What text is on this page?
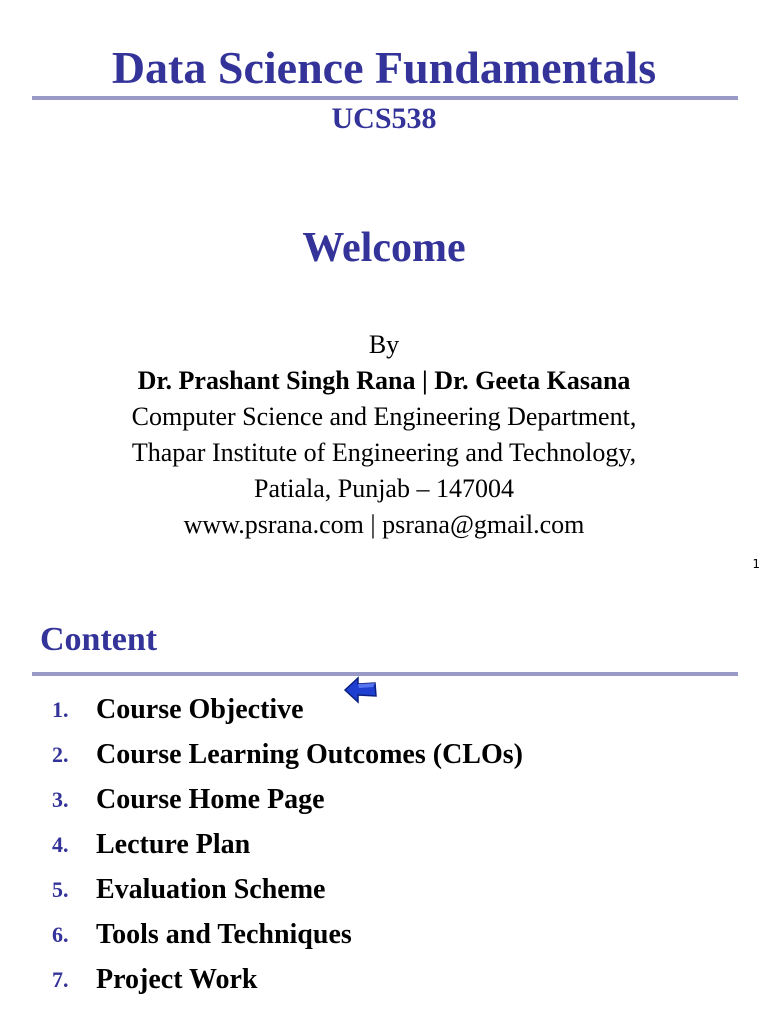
Data Science Fundamentals
UCS538
Welcome
By
Dr. Prashant Singh Rana | Dr. Geeta Kasana
Computer Science and Engineering Department,
Thapar Institute of Engineering and Technology,
Patiala, Punjab – 147004
www.psrana.com | psrana@gmail.com
1
Content
1. Course Objective
2. Course Learning Outcomes (CLOs)
3. Course Home Page
4. Lecture Plan
5. Evaluation Scheme
6. Tools and Techniques
7. Project Work
